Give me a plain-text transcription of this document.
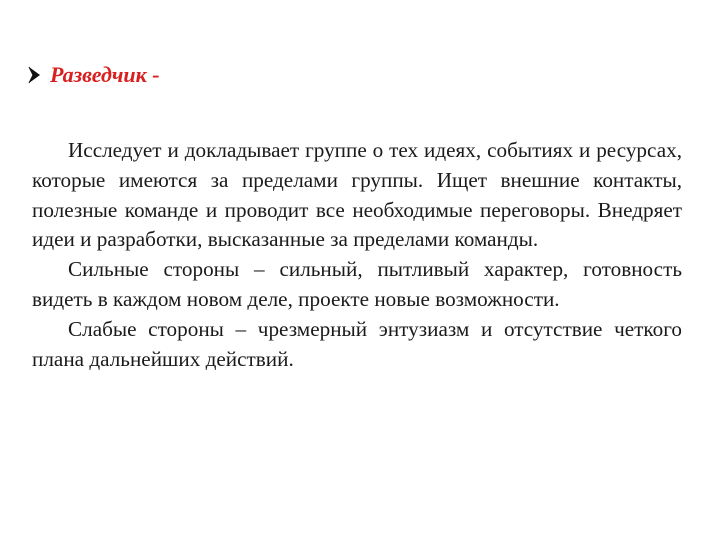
Разведчик -

Исследует и докладывает группе о тех идеях, событиях и ресурсах, которые имеются за пределами группы. Ищет внешние контакты, полезные команде и проводит все необходимые переговоры. Внедряет идеи и разработки, высказанные за пределами команды.

Сильные стороны – сильный, пытливый характер, готовность видеть в каждом новом деле, проекте новые возможности.

Слабые стороны – чрезмерный энтузиазм и отсутствие четкого плана дальнейших действий.
